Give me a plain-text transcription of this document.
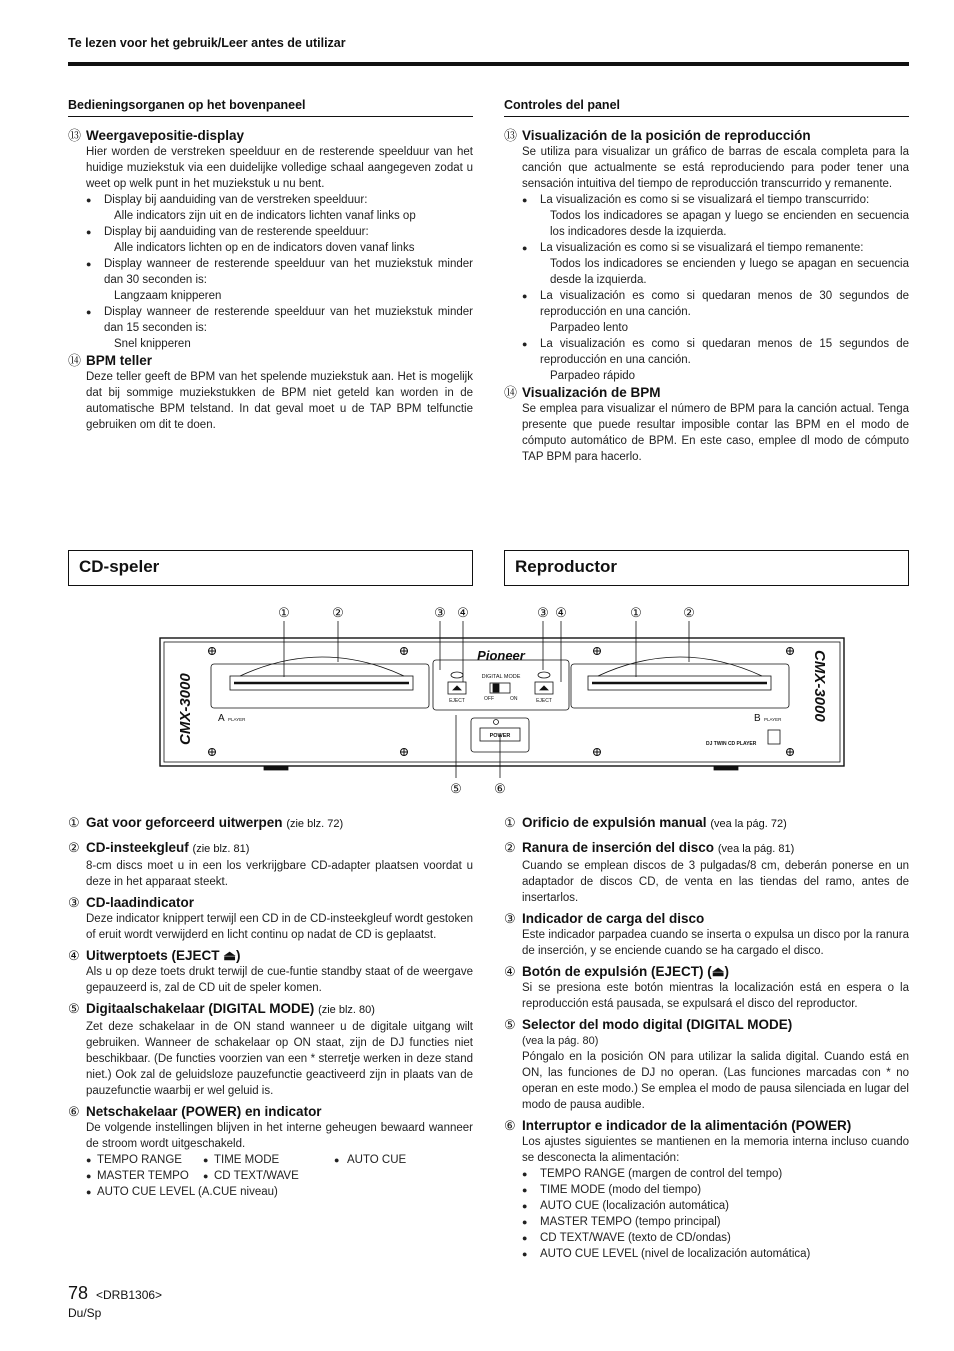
Te lezen voor het gebruik/Leer antes de utilizar
Bedieningsorganen op het bovenpaneel
⑬ Weergavepositie-display
Hier worden de verstreken speelduur en de resterende speelduur van het huidige muziekstuk via een duidelijke volledige schaal aangegeven zodat u weet op welk punt in het muziekstuk u nu bent.
● Display bij aanduiding van de verstreken speelduur:
Alle indicators zijn uit en de indicators lichten vanaf links op
● Display bij aanduiding van de resterende speelduur:
Alle indicators lichten op en de indicators doven vanaf links
● Display wanneer de resterende speelduur van het muziekstuk minder dan 30 seconden is:
Langzaam knipperen
● Display wanneer de resterende speelduur van het muziekstuk minder dan 15 seconden is:
Snel knipperen
⑭ BPM teller
Deze teller geeft de BPM van het spelende muziekstuk aan. Het is mogelijk dat bij sommige muziekstukken de BPM niet geteld kan worden in de automatische BPM telstand. In dat geval moet u de TAP BPM telfunctie gebruiken om dit te doen.
Controles del panel
⑬ Visualización de la posición de reproducción
Se utiliza para visualizar un gráfico de barras de escala completa para la canción que actualmente se está reproduciendo para poder tener una sensación intuitiva del tiempo de reproducción transcurrido y remanente.
● La visualización es como si se visualizará el tiempo transcurrido:
Todos los indicadores se apagan y luego se encienden en secuencia los indicadores desde la izquierda.
● La visualización es como si se visualizará el tiempo remanente:
Todos los indicadores se encienden y luego se apagan en secuencia desde la izquierda.
● La visualización es como si quedaran menos de 30 segundos de reproducción en una canción.
Parpadeo lento
● La visualización es como si quedaran menos de 15 segundos de reproducción en una canción.
Parpadeo rápido
⑭ Visualización de BPM
Se emplea para visualizar el número de BPM para la canción actual. Tenga presente que puede resultar imposible contar las BPM en el modo de cómputo automático de BPM. En este caso, emplee dl modo de cómputo TAP BPM para hacerlo.
CD-speler	Reproductor
①	②	③ ④	③ ④	①	②
⑤ ⑥
Pioneer
DIGITAL MODE
OFF	ON
EJECT	EJECT
POWER
A PLAYER	B PLAYER
DJ TWIN CD PLAYER
CMX-3000	CMX-3000
① Gat voor geforceerd uitwerpen (zie blz. 72)
② CD-insteekgleuf (zie blz. 81)
8-cm discs moet u in een los verkrijgbare CD-adapter plaatsen voordat u deze in het apparaat steekt.
③ CD-laadindicator
Deze indicator knippert terwijl een CD in de CD-insteekgleuf wordt gestoken of eruit wordt verwijderd en licht continu op nadat de CD is geplaatst.
④ Uitwerptoets (EJECT ⏏)
Als u op deze toets drukt terwijl de cue-funtie standby staat of de weergave gepauzeerd is, zal de CD uit de speler komen.
⑤ Digitaalschakelaar (DIGITAL MODE) (zie blz. 80)
Zet deze schakelaar in de ON stand wanneer u de digitale uitgang wilt gebruiken. Wanneer de schakelaar op ON staat, zijn de DJ functies niet beschikbaar. (De functies voorzien van een * sterretje werken in deze stand niet.) Ook zal de geluidsloze pauzefunctie geactiveerd zijn in plaats van de pauzefunctie waarbij er wel geluid is.
⑥ Netschakelaar (POWER) en indicator
De volgende instellingen blijven in het interne geheugen bewaard wanneer de stroom wordt uitgeschakeld.
● TEMPO RANGE	● TIME MODE	● AUTO CUE
● MASTER TEMPO	● CD TEXT/WAVE
● AUTO CUE LEVEL (A.CUE niveau)
① Orificio de expulsión manual (vea la pág. 72)
② Ranura de inserción del disco (vea la pág. 81)
Cuando se emplean discos de 3 pulgadas/8 cm, deberán ponerse en un adaptador de discos CD, de venta en las tiendas del ramo, antes de insertarlos.
③ Indicador de carga del disco
Este indicador parpadea cuando se inserta o expulsa un disco por la ranura de inserción, y se enciende cuando se ha cargado el disco.
④ Botón de expulsión (EJECT) (⏏)
Si se presiona este botón mientras la localización está en espera o la reproducción está pausada, se expulsará el disco del reproductor.
⑤ Selector del modo digital (DIGITAL MODE)
(vea la pág. 80)
Póngalo en la posición ON para utilizar la salida digital. Cuando está en ON, las funciones de DJ no operan. (Las funciones marcadas con * no operan en este modo.) Se emplea el modo de pausa silenciada en lugar del modo de pausa audible.
⑥ Interruptor e indicador de la alimentación (POWER)
Los ajustes siguientes se mantienen en la memoria interna incluso cuando se desconecta la alimentación:
● TEMPO RANGE (margen de control del tempo)
● TIME MODE (modo del tiempo)
● AUTO CUE (localización automática)
● MASTER TEMPO (tempo principal)
● CD TEXT/WAVE (texto de CD/ondas)
● AUTO CUE LEVEL (nivel de localización automática)
78 <DRB1306>
Du/Sp
